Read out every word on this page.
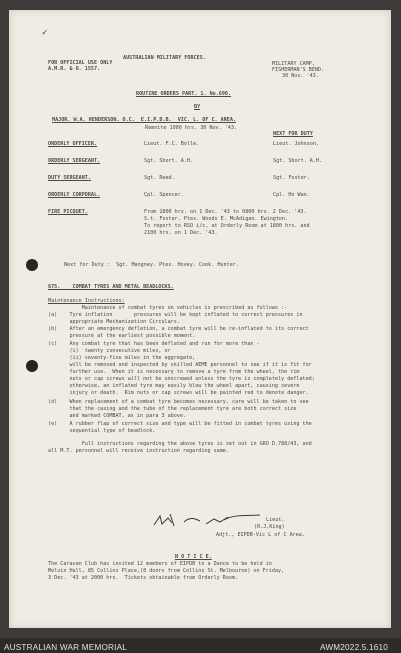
✓
AUSTRALIAN MILITARY FORCES.
FOR OFFICIAL USE ONLY
A.M.R. & O. 1557.
MILITARY CAMP,
FISHERMAN'S BEND.
30 Nov. '43.
ROUTINE ORDERS PART. 1. No.690.
BY
MAJOR. W.A. HENDERSON. O.C.  E.I.P.D.B.  VIC. L. OF C. AREA.
Remnite 1000 hrs. 30 Nov. '43.
NEXT FOR DUTY
ORDERLY OFFICER.	Lieut. F.C. Bolle.	Lieut. Johnson.
ORDERLY SERGEANT.	Sgt. Short. A.H.	Sgt. Short. A.H.
DUTY SERGEANT.	Sgt. Reed.	Sgt. Foster.
ORDERLY CORPORAL.	Cpl. Spencer.	Cpl. Ho Wan.
FIRE PICQUET.	From 1800 hrs. on 1 Dec. '43 to 0800 hrs. 2 Dec. '43.
S.t. Foster. Ptes. Woods E. McAdigan. Ewington.
To report to RSO i/c, at Orderly Room at 1800 hrs. and
2100 hrs. on 1 Dec. '43.
Next for Duty :  Sgt. Mangney. Ptes. Hovey. Cook. Hunter.
675.    COMBAT TYRES AND METAL BEADLOCKS.
Maintenance Instructions:
Maintenance of combat tyres on vehicles is prescribed as follows :-
(a)    Tyre inflation       pressures will be kept inflated to correct pressures in
appropriate Mechanization Circulars.
(b)    After an emergency deflation, a combat tyre will be re-inflated to its correct
pressure at the earliest possible moment.
(c)    Any combat tyre that has been deflated and run for more than -
(i)  twenty consecutive miles, or
(ii) seventy-five miles in the aggregate,
will be removed and inspected by skilled AEME personnel to see if it is fit for
further use.  When it is necessary to remove a tyre from the wheel, the rim
nuts or cap screws will not be unscrewed unless the tyre is completely deflated;
otherwise, an inflated tyre may easily blow the wheel apart, causing severe
injury or death.  Rim nuts or cap screws will be painted red to denote danger.
(d)    When replacement of a combat tyre becomes necessary, care will be taken to see
that the casing and the tube of the replacement tyre are both correct size
and marked COMBAT, as in para 3 above.
(e)    A rubber flap of correct size and type will be fitted in combat tyres using the
sequential type of beadlock.
Full instructions regarding the above tyres is set out in GRO D.788/43, and
all M.T. personnel will receive instruction regarding same.
Lieut.
(R.J.King)
Adjt., EIPDB-Vic L of C Area.
N O T I C E.
The Caravan Club has invited 12 members of EIPDB to a Dance to be held in
Melvin Hall, 85 Collins Place,(8 doors from Collins St. Melbourne) on Friday,
3 Dec. '43 at 2000 hrs.  Tickets obtainable from Orderly Room.
AUSTRALIAN WAR MEMORIAL	AWM2022.5.1610
